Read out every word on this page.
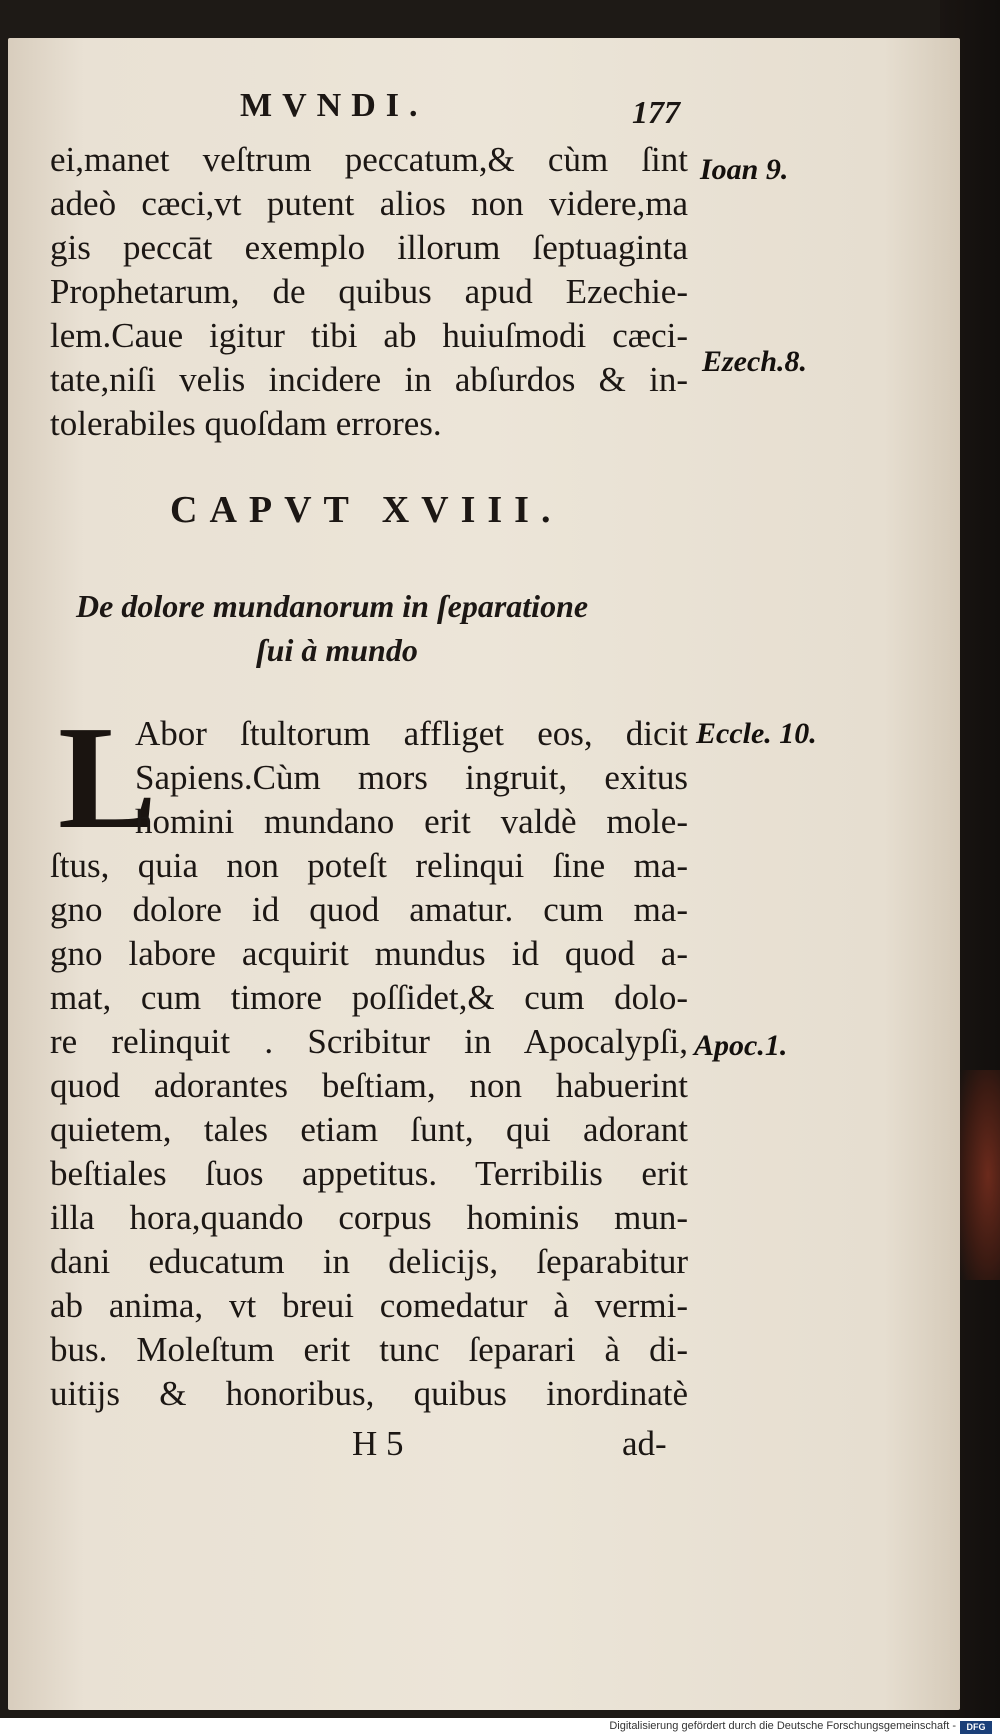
MVNDI.	177
ei,manet veſtrum peccatum,& cùm ſint
adeò cæci,vt putent alios non videre,ma
gis peccāt exemplo illorum ſeptuaginta
Prophetarum, de quibus apud Ezechie-
lem.Caue igitur tibi ab huiuſmodi cæci-
tate,niſi velis incidere in abſurdos & in-
tolerabiles quoſdam errores.
Ioan 9.
Ezech.8.
CAPVT XVIII.
De dolore mundanorum in ſeparatione
ſui à mundo
L
Abor ſtultorum affliget eos, dicit
Sapiens.Cùm mors ingruit, exitus
homini mundano erit valdè mole-
ſtus, quia non poteſt relinqui ſine ma-
gno dolore id quod amatur. cum ma-
gno labore acquirit mundus id quod a-
mat, cum timore poſſidet,& cum dolo-
re relinquit . Scribitur in Apocalypſi,
quod adorantes beſtiam, non habuerint
quietem, tales etiam ſunt, qui adorant
beſtiales ſuos appetitus. Terribilis erit
illa hora,quando corpus hominis mun-
dani educatum in delicijs, ſeparabitur
ab anima, vt breui comedatur à vermi-
bus. Moleſtum erit tunc ſeparari à di-
uitijs & honoribus, quibus inordinatè
Eccle. 10.
Apoc.1.
H 5	ad-
Digitalisierung gefördert durch die Deutsche Forschungsgemeinschaft -	DFG
